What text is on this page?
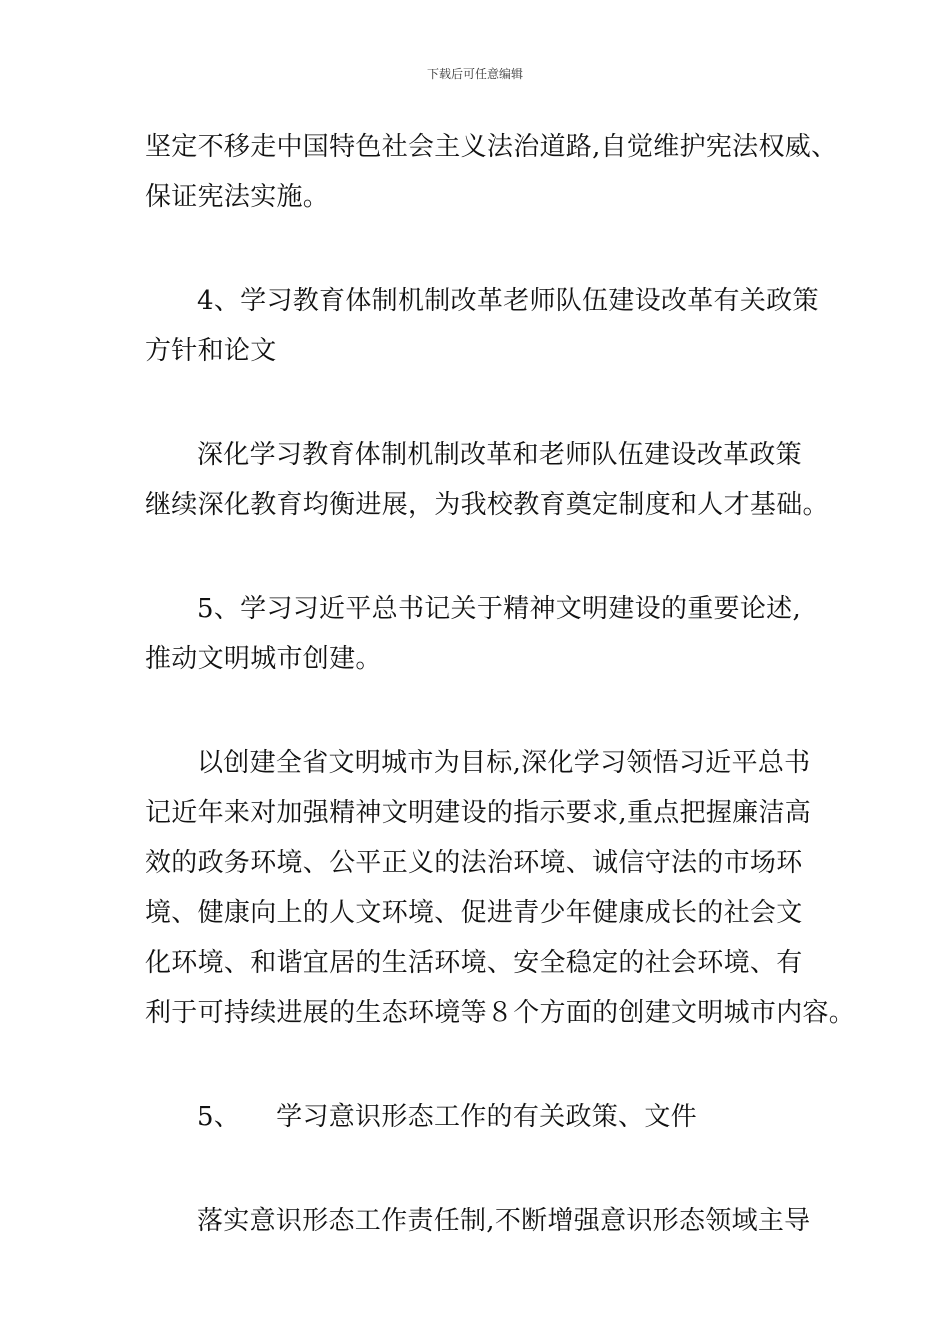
下载后可任意编辑

坚定不移走中国特色社会主义法治道路,自觉维护宪法权威、
保证宪法实施。

4、学习教育体制机制改革老师队伍建设改革有关政策
方针和论文

深化学习教育体制机制改革和老师队伍建设改革政策
继续深化教育均衡进展，为我校教育奠定制度和人才基础。

5、学习习近平总书记关于精神文明建设的重要论述,
推动文明城市创建。

以创建全省文明城市为目标,深化学习领悟习近平总书
记近年来对加强精神文明建设的指示要求,重点把握廉洁高
效的政务环境、公平正义的法治环境、诚信守法的市场环
境、健康向上的人文环境、促进青少年健康成长的社会文
化环境、和谐宜居的生活环境、安全稳定的社会环境、有
利于可持续进展的生态环境等８个方面的创建文明城市内容。

5、 学习意识形态工作的有关政策、文件

落实意识形态工作责任制,不断增强意识形态领域主导
